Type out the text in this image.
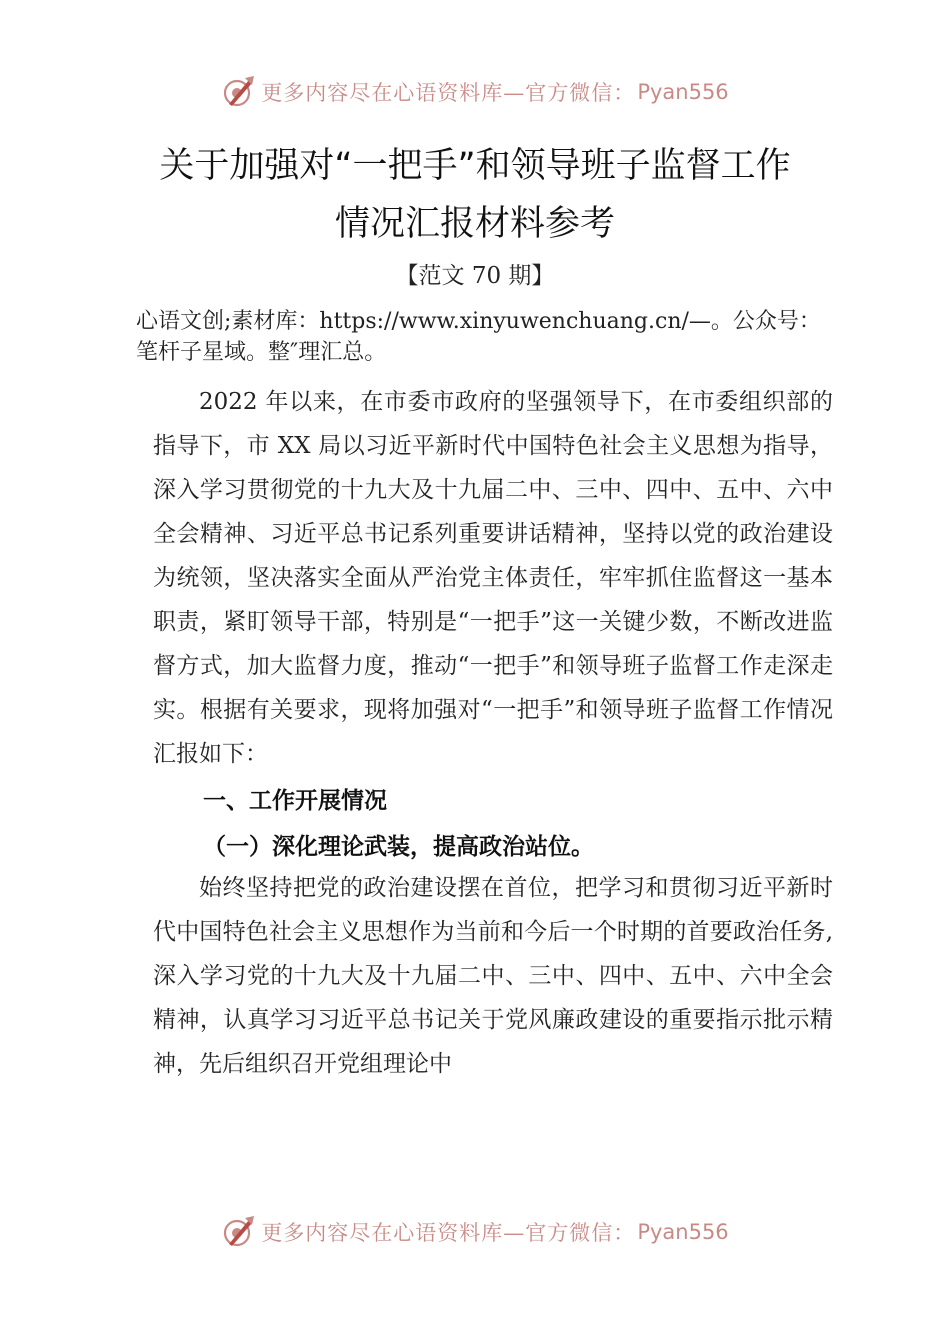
更多内容尽在心语资料库—官方微信： Pyan556
关于加强对“一把手”和领导班子监督工作
情况汇报材料参考
【范文 70 期】

心语文创;素材库：https://www.xinyuwenchuang.cn/—。公众号：笔杆子星域。整″理汇总。

2022 年以来，在市委市政府的坚强领导下，在市委组织部的指导下，市 XX 局以习近平新时代中国特色社会主义思想为指导，深入学习贯彻党的十九大及十九届二中、三中、四中、五中、六中全会精神、习近平总书记系列重要讲话精神，坚持以党的政治建设为统领，坚决落实全面从严治党主体责任，牢牢抓住监督这一基本职责，紧盯领导干部，特别是“一把手”这一关键少数，不断改进监督方式，加大监督力度，推动“一把手”和领导班子监督工作走深走实。根据有关要求，现将加强对“一把手”和领导班子监督工作情况汇报如下：

一、工作开展情况
（一）深化理论武装，提高政治站位。

始终坚持把党的政治建设摆在首位，把学习和贯彻习近平新时代中国特色社会主义思想作为当前和今后一个时期的首要政治任务,深入学习党的十九大及十九届二中、三中、四中、五中、六中全会精神，认真学习习近平总书记关于党风廉政建设的重要指示批示精神，先后组织召开党组理论中

更多内容尽在心语资料库—官方微信： Pyan556
